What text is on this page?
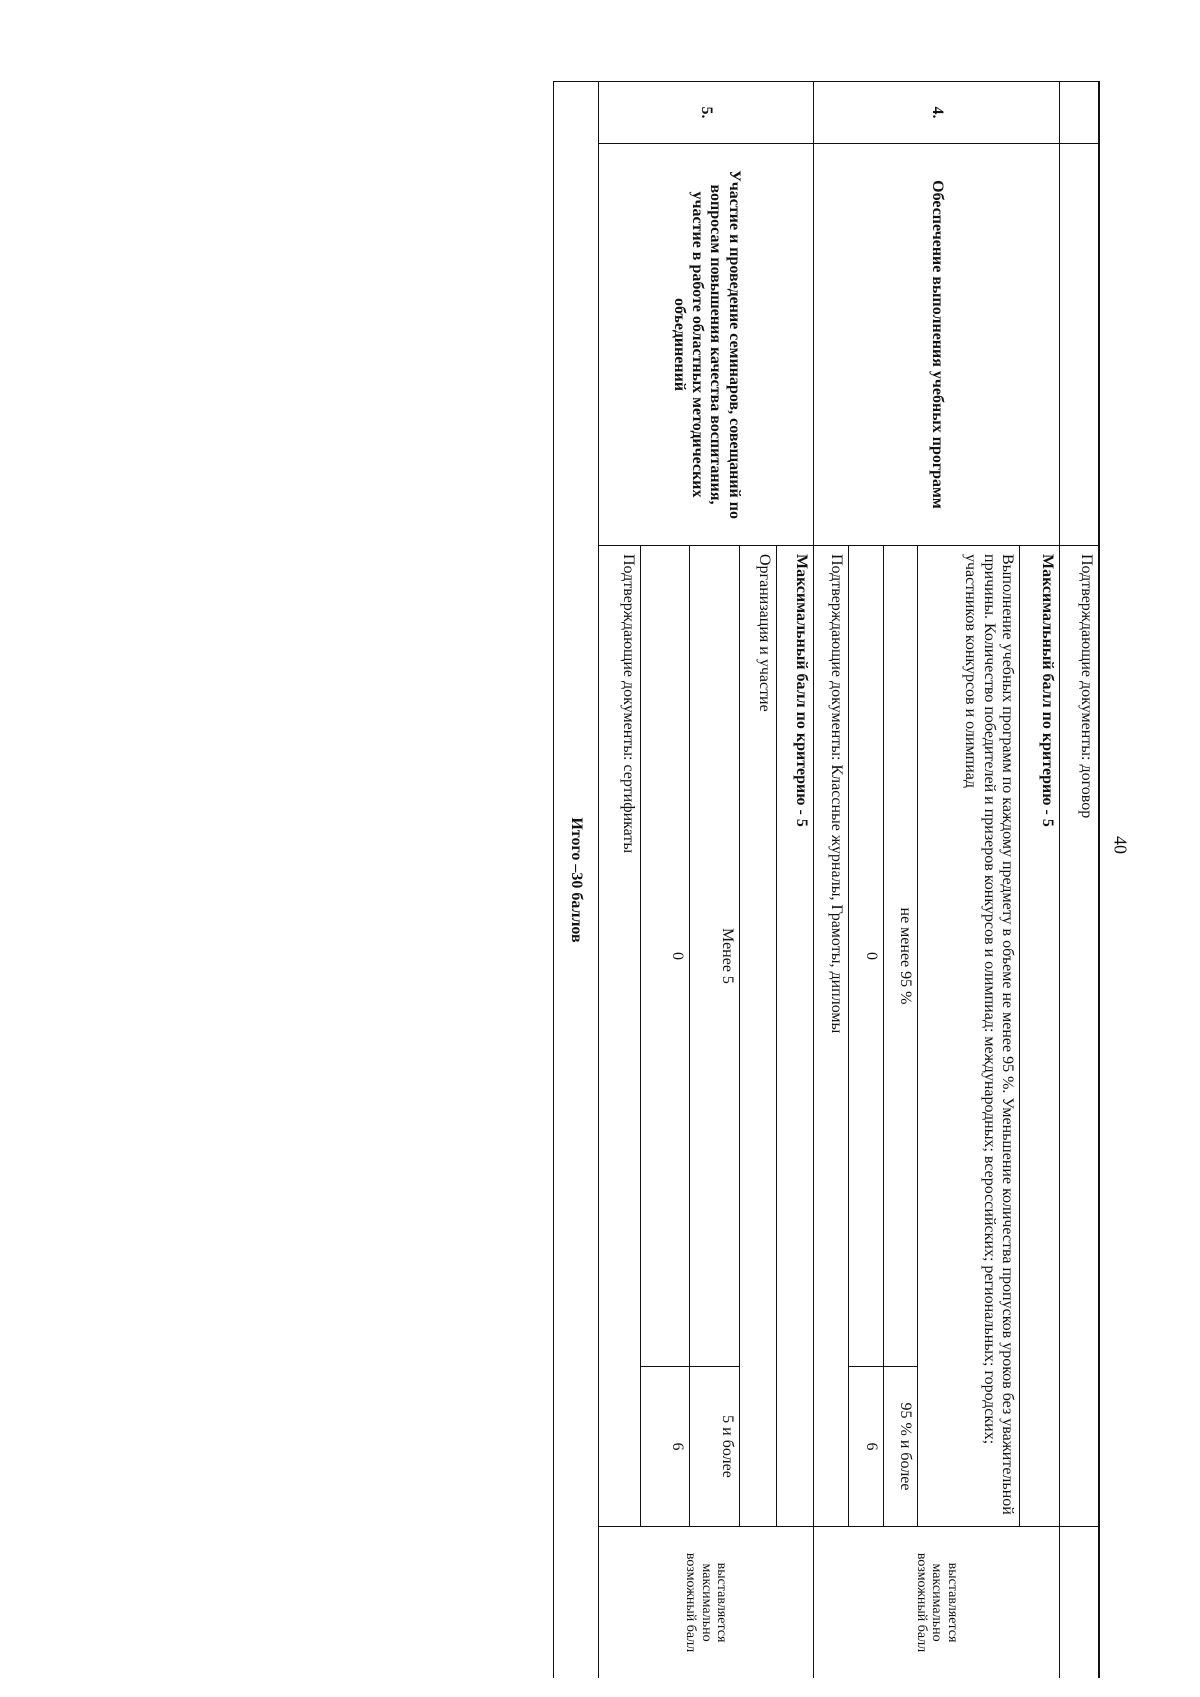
40
		Подтверждающие документы: договор		
4.	Обеспечение выполнения учебных программ	Максимальный балл по критерию - 5		выставляется максимально возможный балл
		Выполнение учебных программ по каждому предмету в объеме не менее 95 %. Уменьшение количества пропусков уроков без уважительной причины. Количество победителей и призеров конкурсов и олимпиад: международных; всероссийских; региональных; городских; участников конкурсов и олимпиад		
		не менее 95 %	95 % и более	
		0	6	
		Подтверждающие документы: Классные журналы, Грамоты, дипломы		
5.	Участие и проведение семинаров, совещаний по вопросам повышения качества воспитания, участие в работе областных методических объединений	Максимальный балл по критерию - 5		выставляется максимально возможный балл
		Организация и участие		
		Менее 5	5 и более	
		0	6	
		Подтверждающие документы: сертификаты		
Итого –30 баллов				
